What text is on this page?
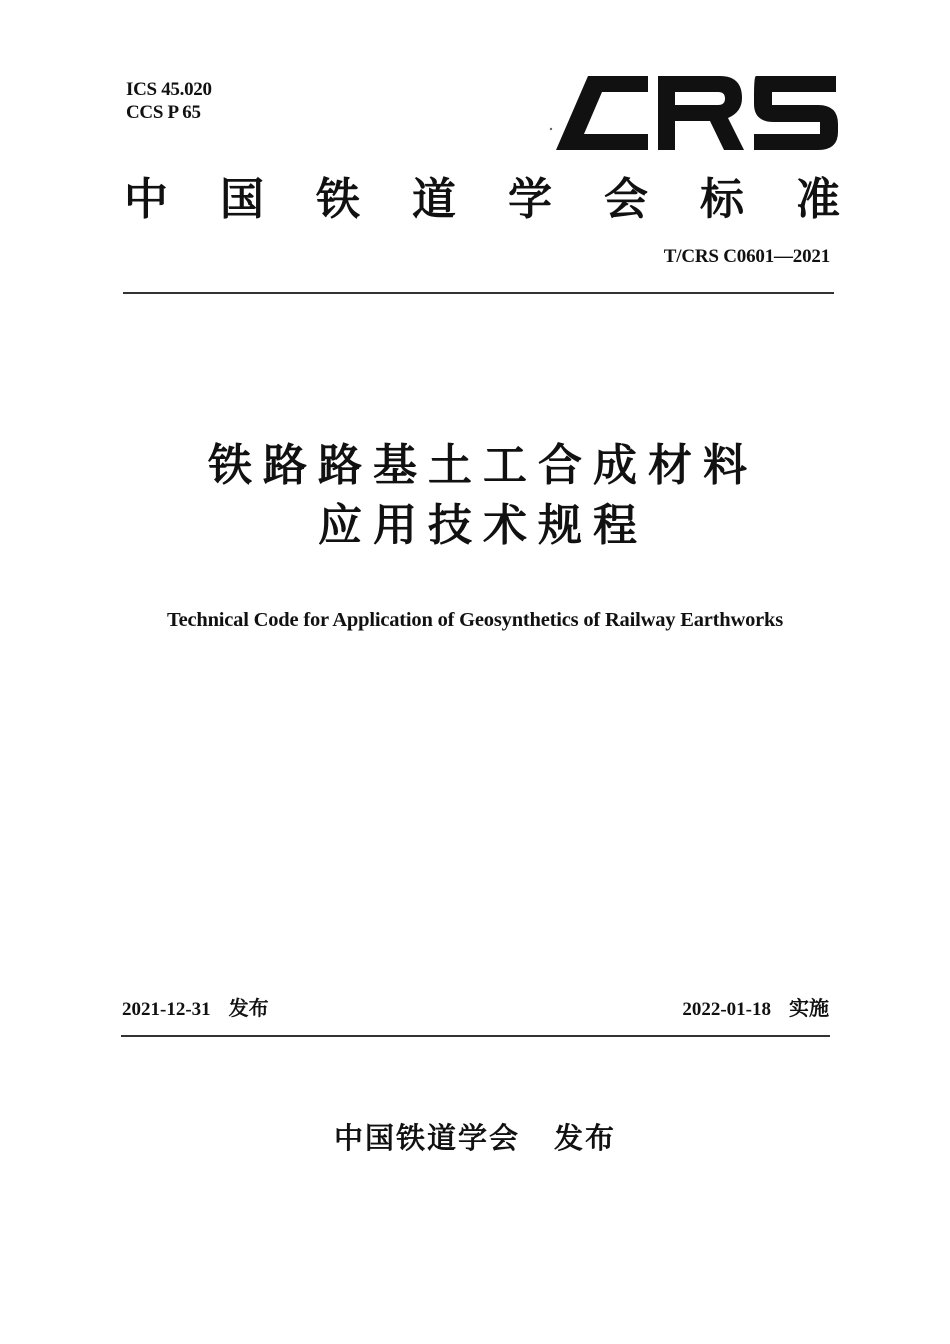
ICS 45.020
CCS P 65
中 国 铁 道 学 会 标 准
T/CRS C0601—2021
铁路路基土工合成材料
应用技术规程
Technical Code for Application of Geosynthetics of Railway Earthworks
2021-12-31 发布	2022-01-18 实施
中国铁道学会 发布
